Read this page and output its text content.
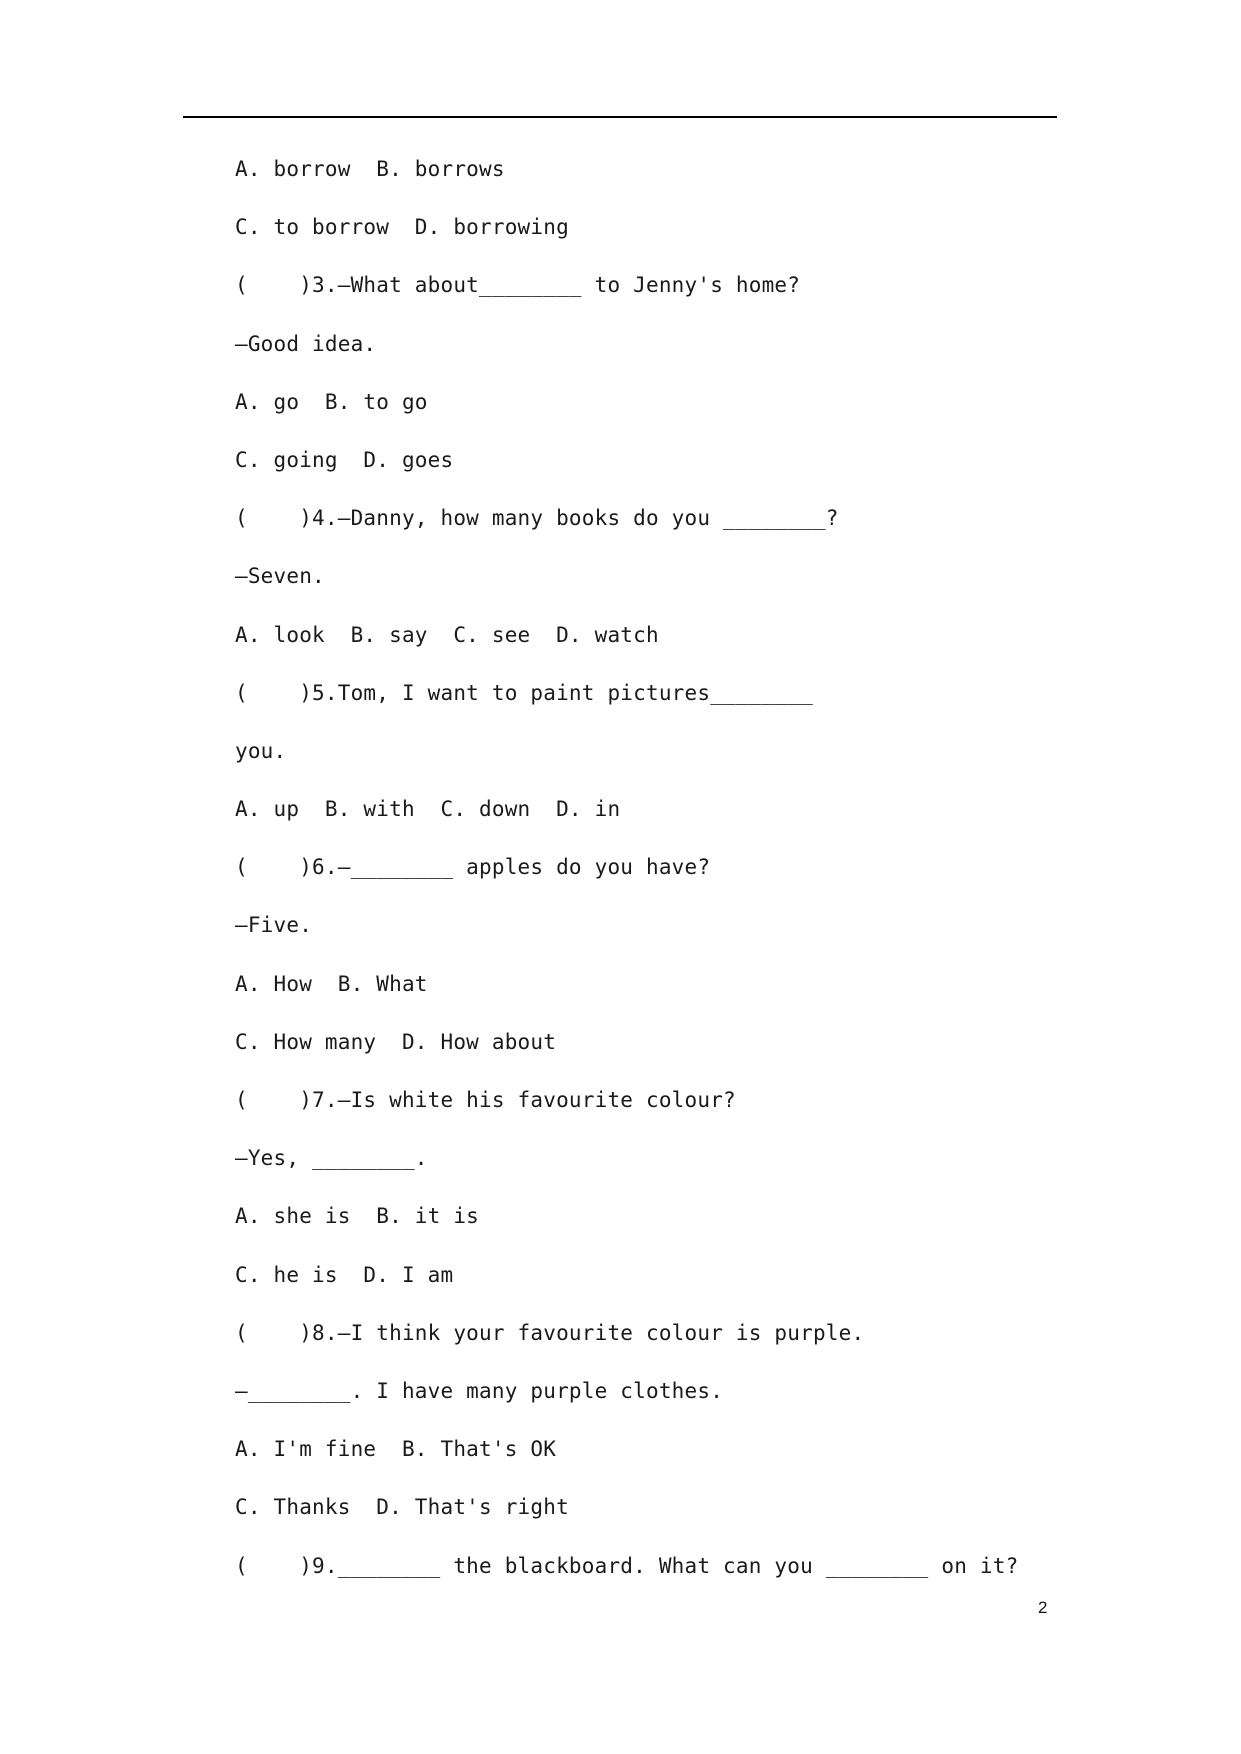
A. borrow  B. borrows
C. to borrow  D. borrowing
(    )3.—What about________ to Jenny's home?
—Good idea.
A. go  B. to go
C. going  D. goes
(    )4.—Danny, how many books do you ________?
—Seven.
A. look  B. say  C. see  D. watch
(    )5.Tom, I want to paint pictures________
you.
A. up  B. with  C. down  D. in
(    )6.—________ apples do you have?
—Five.
A. How  B. What
C. How many  D. How about
(    )7.—Is white his favourite colour?
—Yes, ________.
A. she is  B. it is
C. he is  D. I am
(    )8.—I think your favourite colour is purple.
—________. I have many purple clothes.
A. I'm fine  B. That's OK
C. Thanks  D. That's right
(    )9.________ the blackboard. What can you ________ on it?
2
